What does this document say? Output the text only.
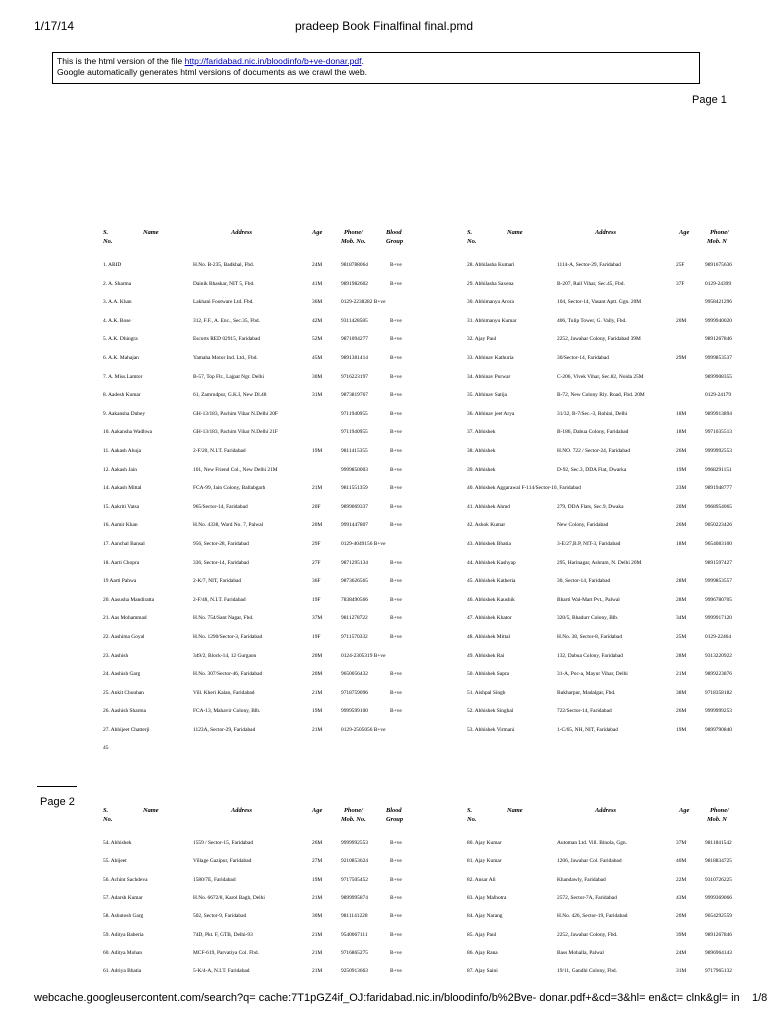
1/17/14	pradeep Book Finalfinal final.pmd
This is the html version of the file http://faridabad.nic.in/bloodinfo/b+ve-donar.pdf.
Google automatically generates html versions of documents as we crawl the web.
Page 1
S.	Name	Address	Age	Phone/	Blood
No.	Mob. No.	Group
1. ABID	H.No. B-235, Badkhal, Fbd.	24M	9818788064	B+ve
2. A. Sharma	Dainik Bhaskar, NIT 5, Fbd.	41M	9891982602	B+ve
3. A.A. Khan	Lakhani Footware Ltd. Fbd.	36M	0129-2238282 B+ve
4. A.K. Bose	312, F.F., A. Enc., Sec.35, Fbd.	42M	9311428585	B+ve
5. A.K. Dhingra	Escorts RED 02915, Faridabad	52M	9871094277	B+ve
6. A.K. Mahajan	Yamaha Motor Ind. Ltd., Fbd.	45M	9891381414	B+ve
7. A. Miss.Lamtor	B-57, Top Flr., Lajpat Ngr. Delhi	30M	9716223197	B+ve
8. Aadesh Kumar	61, Zamrudpur, G.K.I, New Dl.48	31M	9873819767	B+ve
9. Aakansha Dubey	GH-13/183, Pachim Vihar N.Delhi 20F	9711940955	B+ve
10. Aakansha Wadhwa	GH-13/183, Pachim Vihar N.Delhi 21F	9711940955	B+ve
11. Aakash Ahuja	2-F/20, N.I.T. Faridabad	19M	9811415355	B+ve
12. Aakash Jain	101, New Friend Col., New Delhi 21M	9999850003	B+ve
14. Aakash Mittal	FCA-99, Jain Colony, Ballabgarh	21M	9811551359	B+ve
15. Aakriti Vatsa	965/Sector-14, Faridabad	20F	9899069337	B+ve
16. Aamir Khan	H.No. 4338, Ward No. 7, Palwal	20M	9991447807	B+ve
17. Aanchal Bansal	956, Sector-28, Faridabad	29F	0129-4049156 B+ve
18. Aarti Chopra	336, Sector-14, Faridabad	27F	9871295134	B+ve
19 Aarti Pahwa	2-K/7, NIT, Faridabad	36F	9873626565	B+ve
20. Aasusha Mandiratta	2-F/48, N.I.T. Faridabad	19F	7838490566	B+ve
21. Aas Mohammad	H.No. 754/Sant Nagar, Fbd.	37M	9811278722	B+ve
22. Aashima Goyal	H.No. 1290/Sector-3, Faridabad	19F	9711570332	B+ve
23. Aashish	349/2, Block-14, 12 Gurgaon	20M	0124-2305319 B+ve
24. Aashish Garg	H.No. 307/Sector-46, Faridabad	20M	9650056432	B+ve
25. Ankit Chouhan	Vill. Kheri Kalan, Faridabad	21M	9718759096	B+ve
26. Aashish Sharma	FCA-13, Mahavir Colony, Blb.	19M	9999599100	B+ve
27. Abhijeet Chatterji	1123A, Sector-29, Faridabad	21M	0129-2505056 B+ve
S.	Name	Address	Age	Phone/
No.	Mob. N
28. Abhilasha Kumari	1114-A, Sector-29, Faridabad	25F	9891675636
29. Abhilasha Saxena	B-207, Rail Vihar, Sec.45, Fbd.	37F	0129-24399
30. Abhimanyu Arora	104, Sector-14, Vasant Aptt. Ggn. 20M	9958421296
31. Abhimanyu Kumar	406, Tulip Tower, G. Vally, Fbd.	20M	9999940020
32. Ajay Paul	2252, Jawahar Colony, Faridabad 39M	9891267846
33. Abhinav Kathuria	30/Sector-14, Faridabad	29M	9999853537
34. Abhinav Purwar	C-206, Vivek Vihar, Sec.82, Noida 25M	9899908355
35. Abhinav Satija	B-72, New Colony Rly. Road, Fbd. 20M	0129-24179
36. Abhinav jeet Arya	31/32, B-7/Sec.-3, Rohini, Delhi	18M	9899913894
37. Abhishek	B-186, Dabua Colony, Faridabad	18M	9971035513
38. Abhishek	H.NO. 722 / Sector-24, Faridabad	26M	9999992553
39. Abhishek	D-92, Sec.3, DDA Flat, Dwarka	19M	9968291151
40. Abhishek Aggarawal F-114/Sector-10, Faridabad	23M	9891948777
41. Abhishek Ahmd	279, DDA Flats, Sec.9, Dwaka	20M	9968954065
42. Ashok Kumar	New Colony, Faridabad	26M	9050223426
43. Abhishek Bhatia	3-E/27,B.P, NIT-3, Faridabad	18M	9654083100
44. Abhishek Kashyap	295, Harinagar, Ashram, N. Delhi 20M	9891597427
45. Abhishek Katheria	30, Sector-14, Faridabad	28M	9999853557
46. Abhishek Kaushik	Bharti Wal-Mart Pvt., Palwal	28M	9996780705
47. Abhishek Khator	320/5, Bhadurr Colony, Blb.	34M	9999917120
48. Abhishek Mittal	H.No. 38, Sector-8, Faridabad	25M	0129-22464
49. Abhishek Rai	132, Dabua Colony, Faridabad	28M	9313220922
50. Abhishek Sapra	31-A, Poc-a, Mayur Vihar, Delhi	21M	9899223876
51. Aishpal Singh	Bukharpur, Madalgar, Fbd.	38M	9718358182
52. Abhishek Singhal	722/Sector-14, Faridabad	26M	9999999253
53. Abhishek Virmani	1-C/65, NH, NIT, Faridabad	19M	9899790840
45
Page 2
S.	Name	Address	Age	Phone/	Blood
No.	Mob. No.	Group
54. Abhishek	1559 / Sector-15, Faridabad	26M	9999992553	B+ve
55. Abijeet	Village Gazipur, Faridabad	27M	9210853624	B+ve
56. Achint Sachdeva	1580/7E, Faridabad	19M	9717505452	B+ve
57. Adarsh Kumar	H.No. 6672/8, Karol Bagh, Delhi	21M	9899995874	B+ve
58. Ashutosh Garg	502, Sector-9, Faridabad	30M	9811141228	B+ve
59. Aditya Baberia	74D, Pkt. F, GTB, Delhi-93	21M	9540067111	B+ve
60. Aditya Mohan	MCF-619, Parvatiya Col. Fbd.	21M	9716865275	B+ve
61. Adriya Bhatia	5-K/4-A, N.I.T. Faridabad	21M	9250913663	B+ve
S.	Name	Address	Age	Phone/
No.	Mob. N
80. Ajay Kumar	Automan Ltd. Vill. Binola, Ggn.	37M	9811841542
81. Ajay Kumar	1206, Jawahar Col. Faridabad	40M	9818834725
82. Ansar Ali	Khandawly, Faridabad	22M	9310726225
83. Ajay Malhotra	2572, Sector-7A, Faridabad	43M	9999369066
84. Ajay Narang	H.No. 426, Sector-19, Faridabad	20M	9654292559
85. Ajay Paul	2252, Jawahar Colony, Fbd.	39M	9891267846
86. Ajay Rana	Bass Mohalla, Palwal	24M	9896964143
87. Ajay Saini	19/11, Gandhi Colony, Fbd.	31M	9717965132
webcache.googleusercontent.com/search?q= cache:7T1pGZ4if_OJ:faridabad.nic.in/bloodinfo/b%2Bve- donar.pdf+&cd=3&hl= en&ct= clnk&gl= in 1/8
